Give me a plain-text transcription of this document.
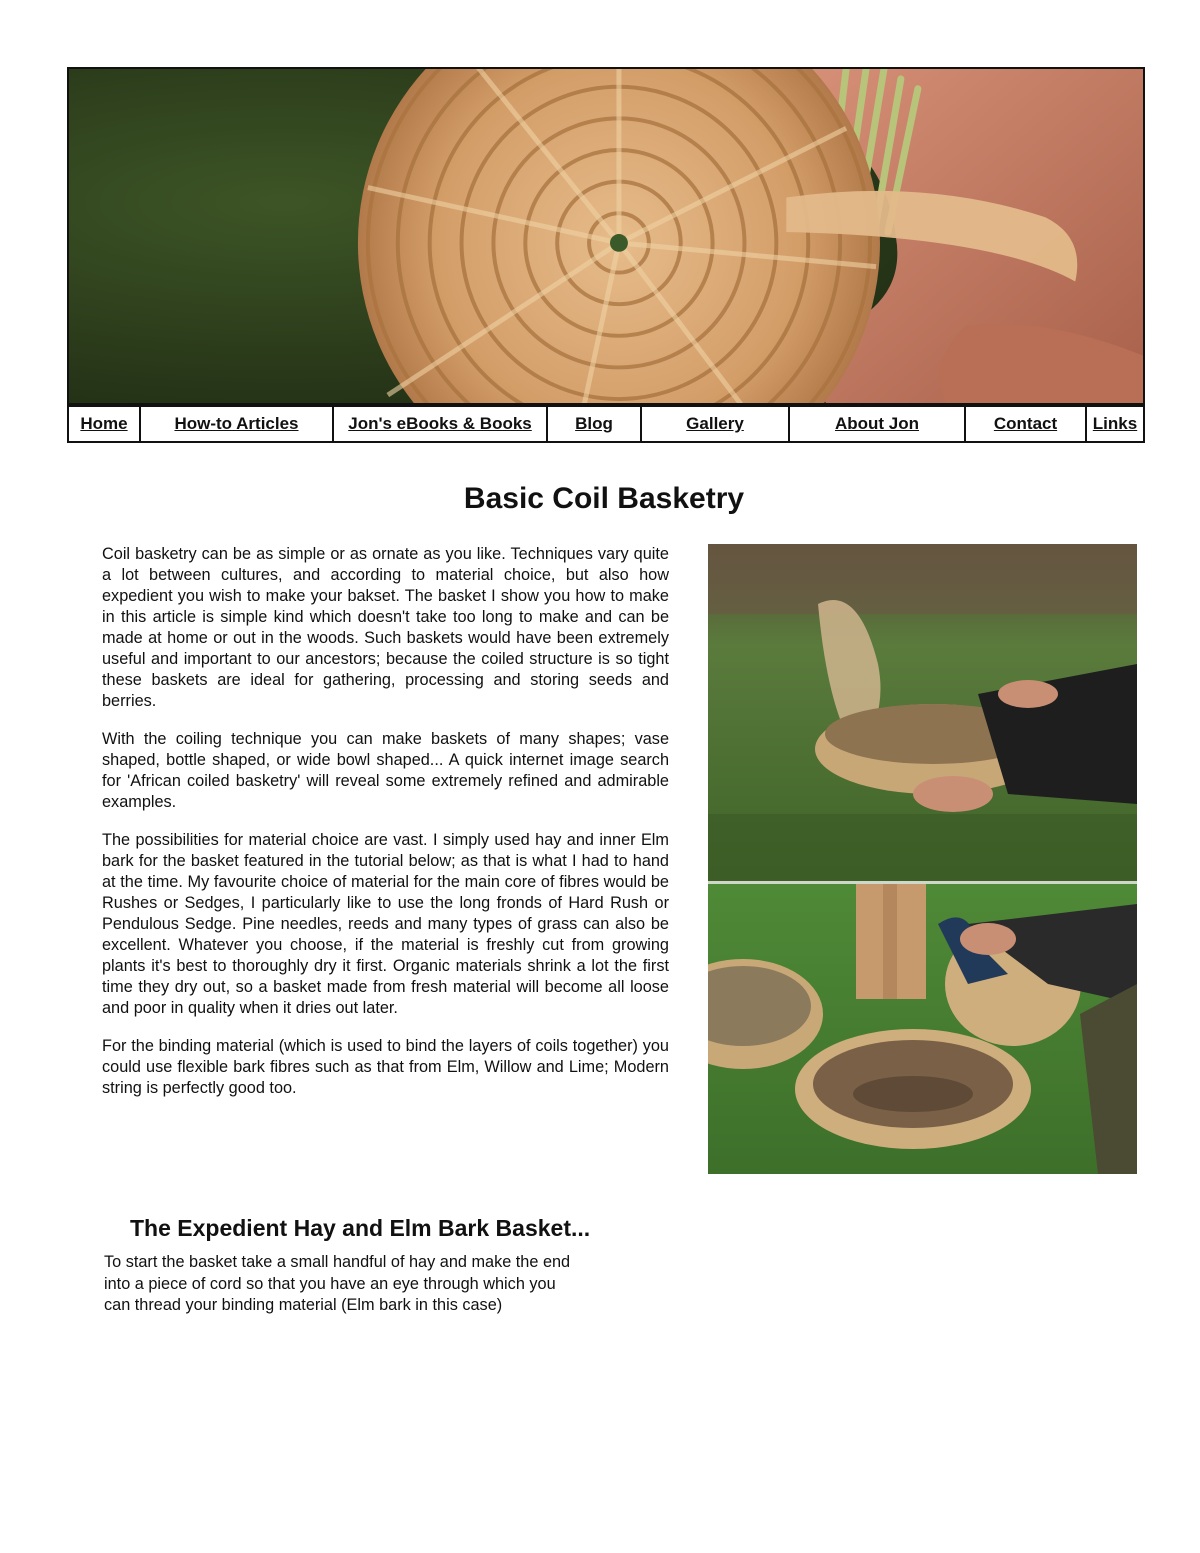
Home	How-to Articles	Jon's eBooks & Books	Blog	Gallery	About Jon	Contact	Links
Basic Coil Basketry

Coil basketry can be as simple or as ornate as you like. Techniques vary quite a lot between cultures, and according to material choice, but also how expedient you wish to make your bakset. The basket I show you how to make in this article is simple kind which doesn't take too long to make and can be made at home or out in the woods. Such baskets would have been extremely useful and important to our ancestors; because the coiled structure is so tight these baskets are ideal for gathering, processing and storing seeds and berries.

With the coiling technique you can make baskets of many shapes; vase shaped, bottle shaped, or wide bowl shaped... A quick internet image search for 'African coiled basketry' will reveal some extremely refined and admirable examples.

The possibilities for material choice are vast. I simply used hay and inner Elm bark for the basket featured in the tutorial below; as that is what I had to hand at the time. My favourite choice of material for the main core of fibres would be Rushes or Sedges, I particularly like to use the long fronds of Hard Rush or Pendulous Sedge. Pine needles, reeds and many types of grass can also be excellent. Whatever you choose, if the material is freshly cut from growing plants it's best to thoroughly dry it first. Organic materials shrink a lot the first time they dry out, so a basket made from fresh material will become all loose and poor in quality when it dries out later.

For the binding material (which is used to bind the layers of coils together) you could use flexible bark fibres such as that from Elm, Willow and Lime; Modern string is perfectly good too.

The Expedient Hay and Elm Bark Basket...

To start the basket take a small handful of hay and make the end into a piece of cord so that you have an eye through which you can thread your binding material (Elm bark in this case)
